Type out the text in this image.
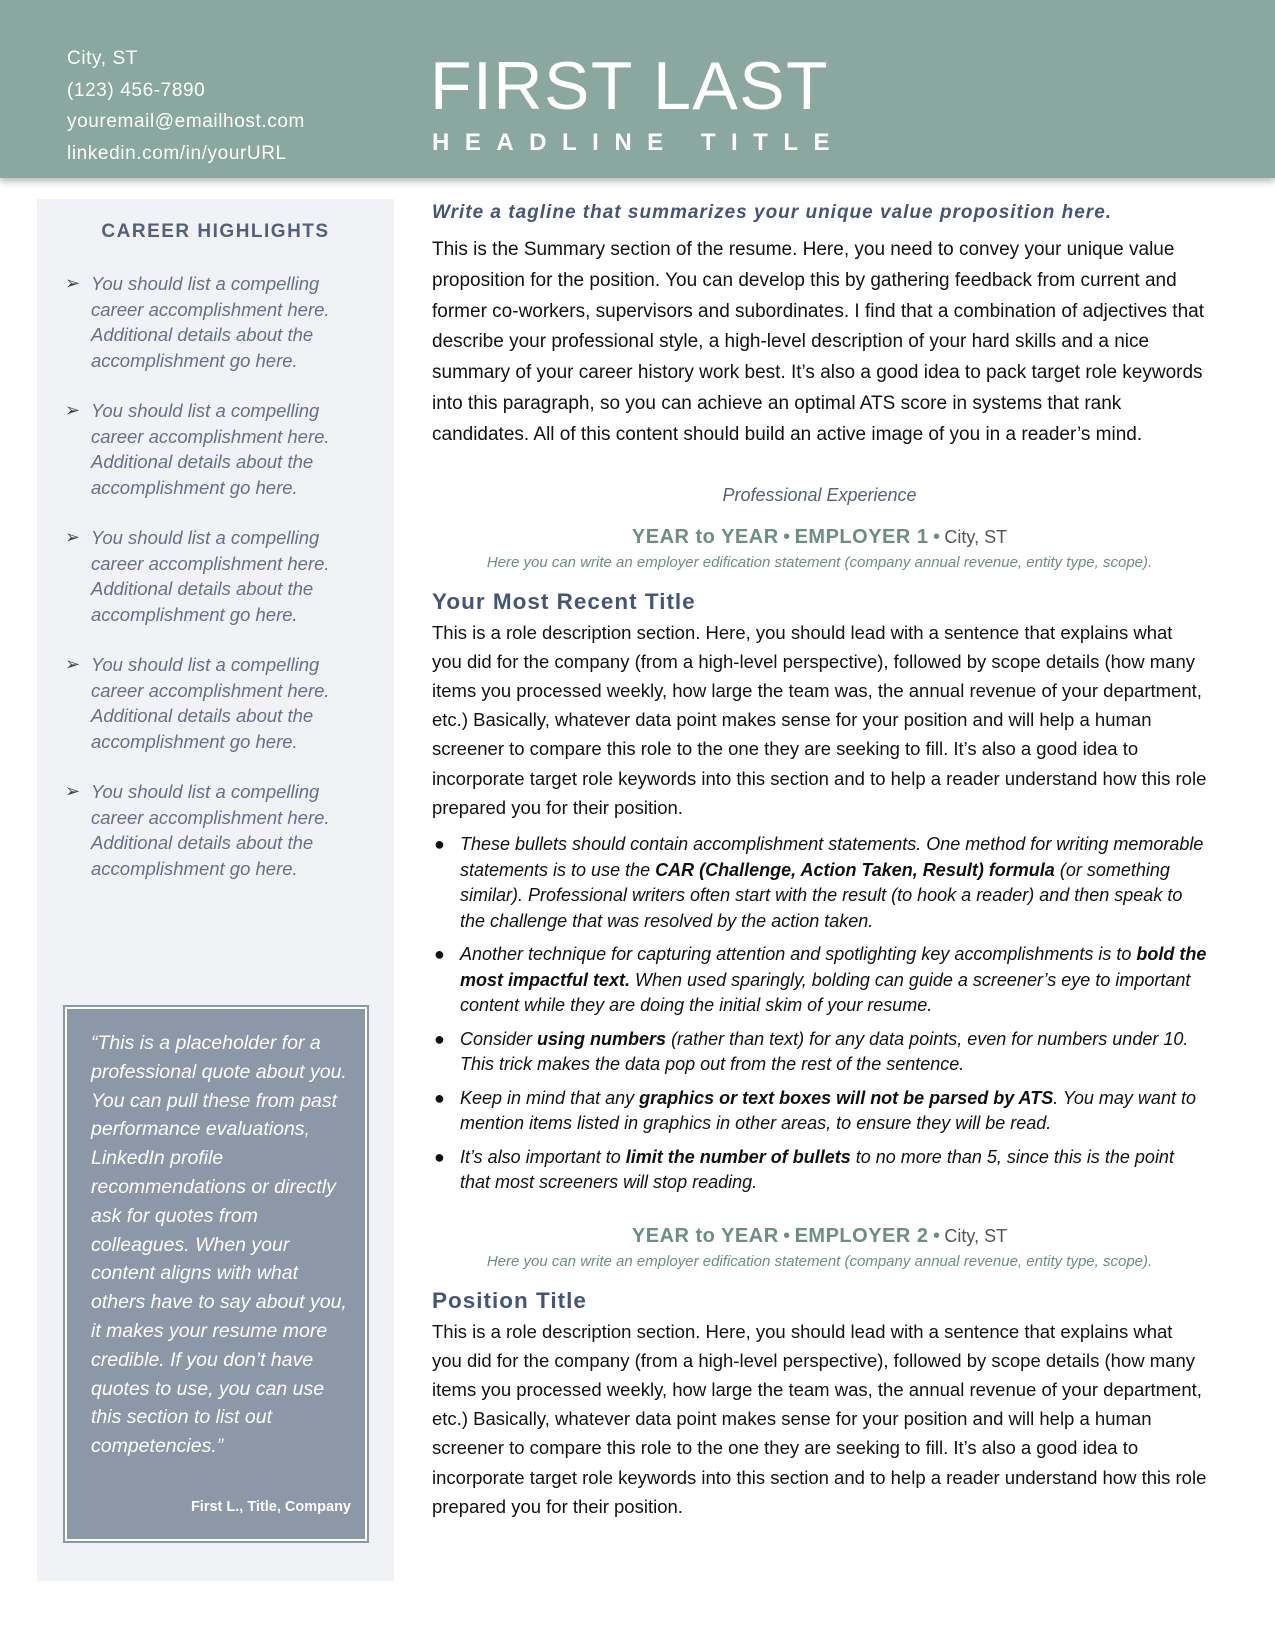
City, ST
(123) 456-7890
youremail@emailhost.com
linkedin.com/in/yourURL
FIRST LAST
HEADLINE TITLE
CAREER HIGHLIGHTS
➢ You should list a compelling career accomplishment here. Additional details about the accomplishment go here.
➢ You should list a compelling career accomplishment here. Additional details about the accomplishment go here.
➢ You should list a compelling career accomplishment here. Additional details about the accomplishment go here.
➢ You should list a compelling career accomplishment here. Additional details about the accomplishment go here.
➢ You should list a compelling career accomplishment here. Additional details about the accomplishment go here.
“This is a placeholder for a professional quote about you. You can pull these from past performance evaluations, LinkedIn profile recommendations or directly ask for quotes from colleagues. When your content aligns with what others have to say about you, it makes your resume more credible. If you don’t have quotes to use, you can use this section to list out competencies.”
First L., Title, Company
Write a tagline that summarizes your unique value proposition here.
This is the Summary section of the resume. Here, you need to convey your unique value proposition for the position. You can develop this by gathering feedback from current and former co-workers, supervisors and subordinates. I find that a combination of adjectives that describe your professional style, a high-level description of your hard skills and a nice summary of your career history work best. It’s also a good idea to pack target role keywords into this paragraph, so you can achieve an optimal ATS score in systems that rank candidates. All of this content should build an active image of you in a reader’s mind.
Professional Experience
YEAR to YEAR • EMPLOYER 1 • City, ST
Here you can write an employer edification statement (company annual revenue, entity type, scope).
Your Most Recent Title
This is a role description section. Here, you should lead with a sentence that explains what you did for the company (from a high-level perspective), followed by scope details (how many items you processed weekly, how large the team was, the annual revenue of your department, etc.) Basically, whatever data point makes sense for your position and will help a human screener to compare this role to the one they are seeking to fill. It’s also a good idea to incorporate target role keywords into this section and to help a reader understand how this role prepared you for their position.
● These bullets should contain accomplishment statements. One method for writing memorable statements is to use the CAR (Challenge, Action Taken, Result) formula (or something similar). Professional writers often start with the result (to hook a reader) and then speak to the challenge that was resolved by the action taken.
● Another technique for capturing attention and spotlighting key accomplishments is to bold the most impactful text. When used sparingly, bolding can guide a screener’s eye to important content while they are doing the initial skim of your resume.
● Consider using numbers (rather than text) for any data points, even for numbers under 10. This trick makes the data pop out from the rest of the sentence.
● Keep in mind that any graphics or text boxes will not be parsed by ATS. You may want to mention items listed in graphics in other areas, to ensure they will be read.
● It’s also important to limit the number of bullets to no more than 5, since this is the point that most screeners will stop reading.
YEAR to YEAR • EMPLOYER 2 • City, ST
Here you can write an employer edification statement (company annual revenue, entity type, scope).
Position Title
This is a role description section. Here, you should lead with a sentence that explains what you did for the company (from a high-level perspective), followed by scope details (how many items you processed weekly, how large the team was, the annual revenue of your department, etc.) Basically, whatever data point makes sense for your position and will help a human screener to compare this role to the one they are seeking to fill. It’s also a good idea to incorporate target role keywords into this section and to help a reader understand how this role prepared you for their position.
